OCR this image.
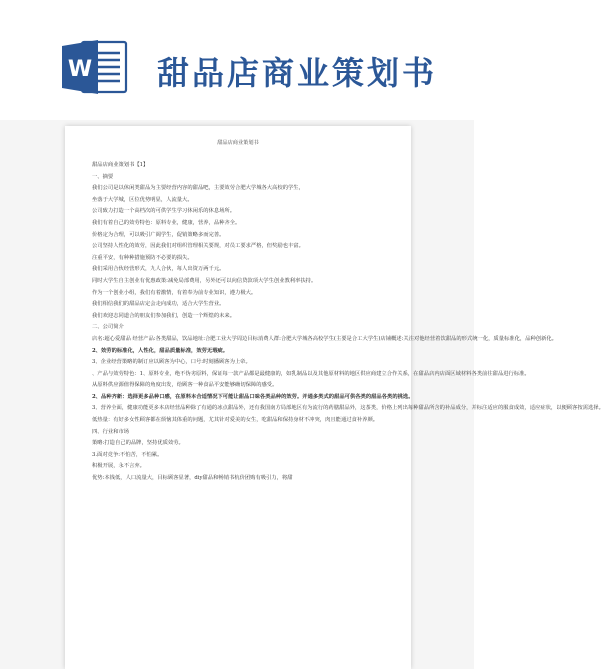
W 甜品店商业策划书
甜品店商业策划书
甜品店商业策划书【1】
一、摘要
我们公司是以休闲类甜品为主要经营内容的甜品吧，主要效劳合肥大学城各大高校的学生，
坐落于大学城，区位优势明显，人流量大。
公司致力打造一个高档次的可供学生学习休闲乐的休息场所。
我们有着自己的效劳特色：原料专业，健康，营养，品种齐全。
价格定为合理，可以吸引广阔学生，促销策略多而完善。
公司坚持人性化的效劳，因此我们对组织管理相关要规，对员工要求严格，但奖励也丰富。
注重平安，有种种措施预防不必要的损失。
我们采用合伙经营形式，九人合伙，每人出资万两千元。
同时大学生自主创业有优惠政策:减免局部费用，另外还可以向信贷款项大学生创业教利率扶持。
作为一个创业小组，我们有着激情，有着奉为前专业知识，遵力极大。
我们相信我们的甜品店定会走向成功，适合大学生营业。
我们欢迎志同道合的朋友们参加我们，创造一个辉煌的未来。
二、公司简介
店名:超心爱甜品 经营产品:各类甜品，饮品地址:合肥工业大学周边目标消费人群:合肥大学城各高校学生(主要是合工大学生)店铺概述:关注对他经营着饮甜品的形式统一化，质量标准化，品种创新化。
2、效劳的标准化，人性化，甜品质量标准，效劳无瑕疵。
3、企业经营策略的制订应以顾客为中心，口号:时刻播顾客为上帝。
、产品与效劳特色：1、原料专业，绝不伪劣原料，保证每一款产品都是最健康的，如乳制品以及其他原材料的地区供应商建立合作关系，在甜品店内店面区域材料各类前往甜品进行标准。
从原料供应源值得保障的角度出发，给顾客一种食品平安能够确切保障的感受。
2、品种齐新：选择更多品种口感，在原料本合适情况下可能让甜品口味各类品种的效劳。并通多类式的甜品可供各类的甜品各类的挑选。
3、营养全面，健康功能更多本店经营品种除了有通的冰点甜品外，还有我国南方局部地区有为流行的药膳甜品外，这茶类，价格上列出每种甜品所含的补品成分，并标注适应的服食成效，适应症状，以便顾客按需选择。
低热量：有好多女性顾客都在烦恼其体重的问题，尤其针对爱美的女生，吃甜品和保持身材不冲突，肉且能通过食补养颜。
四、行业和市场
策略:打造自己的品牌，坚持优质效劳。
3.面对竞争:不怕苦，不怕累。
积极开展，永不言弃。
优势:本钱低，人口流量大，目标顾客显著，diy甜品和畅销书杭价团购有吸引力，将甜
